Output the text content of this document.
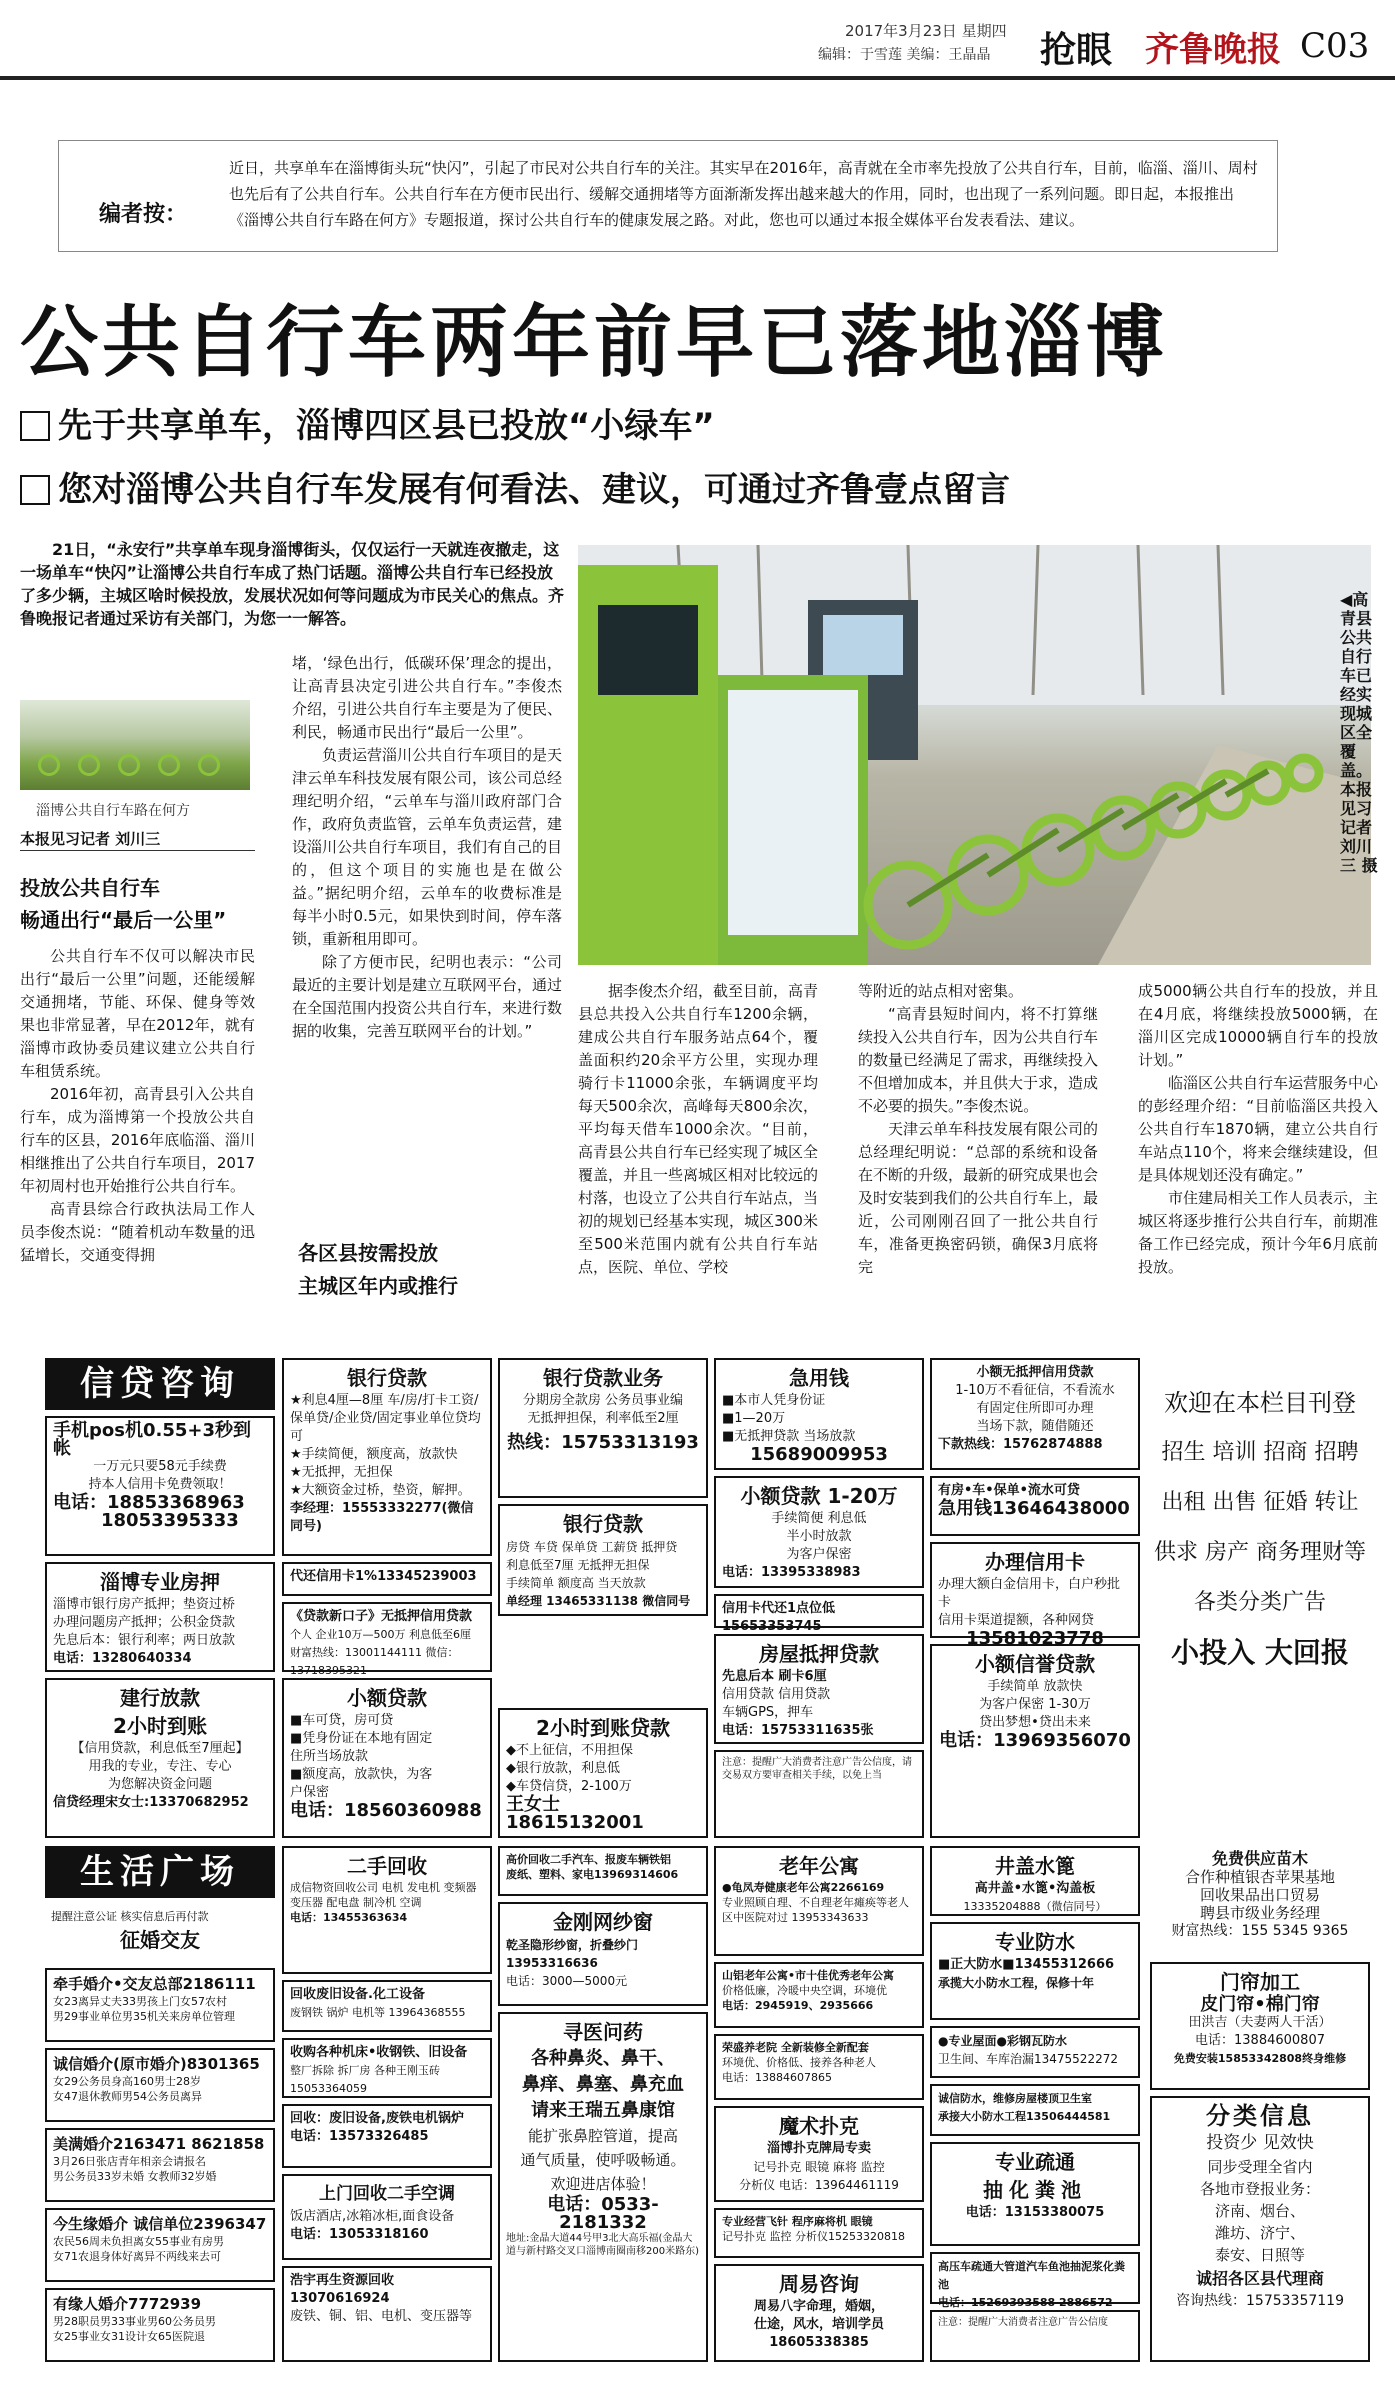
2017年3月23日 星期四
编辑：于雪莲 美编：王晶晶 抢眼 齐鲁晚报 C03
编者按：
近日，共享单车在淄博街头玩“快闪”，引起了市民对公共自行车的关注。其实早在2016年，高青就在全市率先投放了公共自行车，目前，临淄、淄川、周村也先后有了公共自行车。公共自行车在方便市民出行、缓解交通拥堵等方面渐渐发挥出越来越大的作用，同时，也出现了一系列问题。即日起，本报推出《淄博公共自行车路在何方》专题报道，探讨公共自行车的健康发展之路。对此，您也可以通过本报全媒体平台发表看法、建议。
公共自行车两年前早已落地淄博
先于共享单车，淄博四区县已投放“小绿车”
您对淄博公共自行车发展有何看法、建议，可通过齐鲁壹点留言
21日，“永安行”共享单车现身淄博街头，仅仅运行一天就连夜撤走，这一场单车“快闪”让淄博公共自行车成了热门话题。淄博公共自行车已经投放了多少辆，主城区啥时候投放，发展状况如何等问题成为市民关心的焦点。齐鲁晚报记者通过采访有关部门，为您一一解答。
淄博公共自行车路在何方
本报见习记者 刘川三
投放公共自行车
畅通出行“最后一公里”

公共自行车不仅可以解决市民出行“最后一公里”问题，还能缓解交通拥堵，节能、环保、健身等效果也非常显著，早在2012年，就有淄博市政协委员建议建立公共自行车租赁系统。

2016年初，高青县引入公共自行车，成为淄博第一个投放公共自行车的区县，2016年底临淄、淄川相继推出了公共自行车项目，2017年初周村也开始推行公共自行车。

高青县综合行政执法局工作人员李俊杰说：“随着机动车数量的迅猛增长，交通变得拥

堵，‘绿色出行，低碳环保’理念的提出，让高青县决定引进公共自行车。”李俊杰介绍，引进公共自行车主要是为了便民、利民，畅通市民出行“最后一公里”。

负责运营淄川公共自行车项目的是天津云单车科技发展有限公司，该公司总经理纪明介绍，“云单车与淄川政府部门合作，政府负责监管，云单车负责运营，建设淄川公共自行车项目，我们有自己的目的，但这个项目的实施也是在做公益。”据纪明介绍，云单车的收费标准是每半小时0.5元，如果快到时间，停车落锁，重新租用即可。

除了方便市民，纪明也表示：“公司最近的主要计划是建立互联网平台，通过在全国范围内投资公共自行车，来进行数据的收集，完善互联网平台的计划。”

各区县按需投放
主城区年内或推行
◀高青县公共自行车已经实现城区全覆盖。本报见习记者 刘川三 摄

据李俊杰介绍，截至目前，高青县总共投入公共自行车1200余辆，建成公共自行车服务站点64个，覆盖面积约20余平方公里，实现办理骑行卡11000余张，车辆调度平均每天500余次，高峰每天800余次，平均每天借车1000余次。“目前，高青县公共自行车已经实现了城区全覆盖，并且一些离城区相对比较远的村落，也设立了公共自行车站点，当初的规划已经基本实现，城区300米至500米范围内就有公共自行车站点，医院、单位、学校

等附近的站点相对密集。

“高青县短时间内，将不打算继续投入公共自行车，因为公共自行车的数量已经满足了需求，再继续投入不但增加成本，并且供大于求，造成不必要的损失。”李俊杰说。

天津云单车科技发展有限公司的总经理纪明说：“总部的系统和设备在不断的升级，最新的研究成果也会及时安装到我们的公共自行车上，最近，公司刚刚召回了一批公共自行车，准备更换密码锁，确保3月底将完

成5000辆公共自行车的投放，并且在4月底，将继续投放5000辆，在淄川区完成10000辆自行车的投放计划。”

临淄区公共自行车运营服务中心的彭经理介绍：“目前临淄区共投入公共自行车1870辆，建立公共自行车站点110个，将来会继续建设，但是具体规划还没有确定。”

市住建局相关工作人员表示，主城区将逐步推行公共自行车，前期准备工作已经完成，预计今年6月底前投放。

信贷咨询
手机pos机0.55+3秒到帐
一万元只要58元手续费
持本人信用卡免费领取！
电话：18853368963
18053395333
银行贷款
★利息4厘—8厘 车/房/打卡工资/
保单贷/企业贷/固定事业单位贷均可
★手续简便，额度高，放款快
★无抵押，无担保
★大额资金过桥，垫资，解押。
李经理：15553332277(微信同号)
银行贷款业务
分期房全款房 公务员事业编
无抵押担保，利率低至2厘
热线：15753313193
急用钱
■本市人凭身份证
■1—20万
■无抵押贷款 当场放款
15689009953
小额无抵押信用贷款
1-10万不看征信，不看流水
有固定住所即可办理
当场下款，随借随还
下款热线：15762874888
小额贷款 1-20万
手续简便 利息低
半小时放款
为客户保密
电话：13395338983
有房•车•保单•流水可贷
急用钱13646438000
办理信用卡
办理大额白金信用卡，白户秒批卡
信用卡渠道提额，各种网贷
13581023778
淄博专业房押
淄博市银行房产抵押；垫资过桥
办理问题房产抵押；公积金贷款
先息后本：银行利率；两日放款
电话：13280640334
代还信用卡1%13345239003
《贷款新口子》无抵押信用贷款
个人 企业10万—500万 利息低至6厘
财富热线：13001144111 微信：13718395321
银行贷款
房贷 车贷 保单贷 工薪贷 抵押贷
利息低至7厘 无抵押无担保
手续简单 额度高 当天放款
单经理 13465331138 微信同号	信用卡代还1点位低15653353745
房屋抵押贷款
先息后本 刷卡6厘
信用贷款 信用贷款
车辆GPS，押车
电话：15753311635张
建行放款
2小时到账
【信用贷款，利息低至7厘起】
用我的专业，专注、专心
为您解决资金问题
信贷经理宋女士:13370682952
小额贷款
■车可贷，房可贷
■凭身份证在本地有固定
住所当场放款
■额度高，放款快，为客
户保密
电话：18560360988
2小时到账贷款
◆不上征信，不用担保
◆银行放款，利息低
◆车贷信贷，2-100万
王女士 18615132001
注意：提醒广大消费者注意广告公信度，请交易双方要审查相关手续，以免上当
小额信誉贷款
手续简单 放款快
为客户保密 1-30万
贷出梦想•贷出未来
电话：13969356070
欢迎在本栏目刊登
招生 培训 招商 招聘
出租 出售 征婚 转让
供求 房产 商务理财等
各类分类广告
小投入 大回报
生活广场
提醒注意公证 核实信息后再付款
征婚交友
牵手婚介•交友总部2186111
女23离异丈夫33男孩上门女57农村
男29事业单位男35机关来房单位管理
诚信婚介(原市婚介)8301365
女29公务员身高160男士28岁
女47退休教师男54公务员离异
美满婚介2163471 8621858
3月26日张店青年相亲会请报名
男公务员33岁未婚 女教师32岁婚
今生缘婚介 诚信单位2396347
农民56周未负担离女55事业有房男
女71农退身体好离异不两线来去可
有缘人婚介7772939
男28职员男33事业男60公务员男
女25事业女31设计女65医院退
二手回收
成信物资回收公司 电机 发电机 变频器 变压器 配电盘 制冷机 空调
电话：13455363634
回收废旧设备.化工设备
废钢铁 锅炉 电机等 13964368555
收购各种机床•收钢铁、旧设备
整厂拆除 拆厂房 各种王刚玉砖 15053364059
回收：废旧设备,废铁电机锅炉
电话：13573326485
上门回收二手空调
饭店酒店,冰箱冰柜,面食设备
电话：13053318160
浩宇再生资源回收13070616924
废铁、铜、铝、电机、变压器等
高价回收二手汽车、报废车辆铁铝
废纸、塑料、家电13969314606
金刚网纱窗
乾圣隐形纱窗，折叠纱门13953316636
电话：3000—5000元
寻医问药
各种鼻炎、鼻干、
鼻痒、鼻塞、鼻充血
请来王瑞五鼻康馆
能扩张鼻腔管道，提高
通气质量，使呼吸畅通。
欢迎进店体验！
电话：0533-2181332
地址:金晶大道44号甲3北大高乐福(金晶大道与新村路交叉口淄博南圈南移200米路东)
老年公寓
●龟凤寿健康老年公寓2266169
专业照顾自理、不自理老年瘫痪等老人
区中医院对过 13953343633
山铝老年公寓•市十佳优秀老年公寓
价格低廉，冷暖中央空调，环境优
电话：2945919、2935666
荣盛养老院 全新装修全新配套
环境优、价格低、接养各种老人
电话：13884607865
魔术扑克
淄博扑克牌局专卖
记号扑克 眼镜 麻将 监控
分析仪 电话：13964461119
专业经营飞针 程序麻将机 眼镜
记号扑克 监控 分析仪15253320818
周易咨询
周易八字命理，婚姻，
仕途，风水，培训学员
18605338385
井盖水篦
高井盖•水篦•沟盖板
13335204888（微信同号）
专业防水
■正大防水■13455312666
承揽大小防水工程，保修十年
●专业屋面●彩钢瓦防水
卫生间、车库治漏13475522272
诚信防水，维修房屋楼顶卫生室
承接大小防水工程13506444581
专业疏通
抽化粪池
电话：13153380075
高压车疏通大管道汽车鱼池抽泥浆化粪池
电话：15269393588 2886572
注意：提醒广大消费者注意广告公信度
免费供应苗木
合作种植银杏苹果基地
回收果品出口贸易
聘县市级业务经理
财富热线：155 5345 9365
门帘加工
皮门帘•棉门帘
田洪吉（夫妻两人干活）
电话：13884600807
免费安装15853342808终身维修
分类信息
投资少 见效快
同步受理全省内
各地市登报业务：
济南、烟台、
潍坊、济宁、
泰安、日照等
诚招各区县代理商
咨询热线：15753357119
